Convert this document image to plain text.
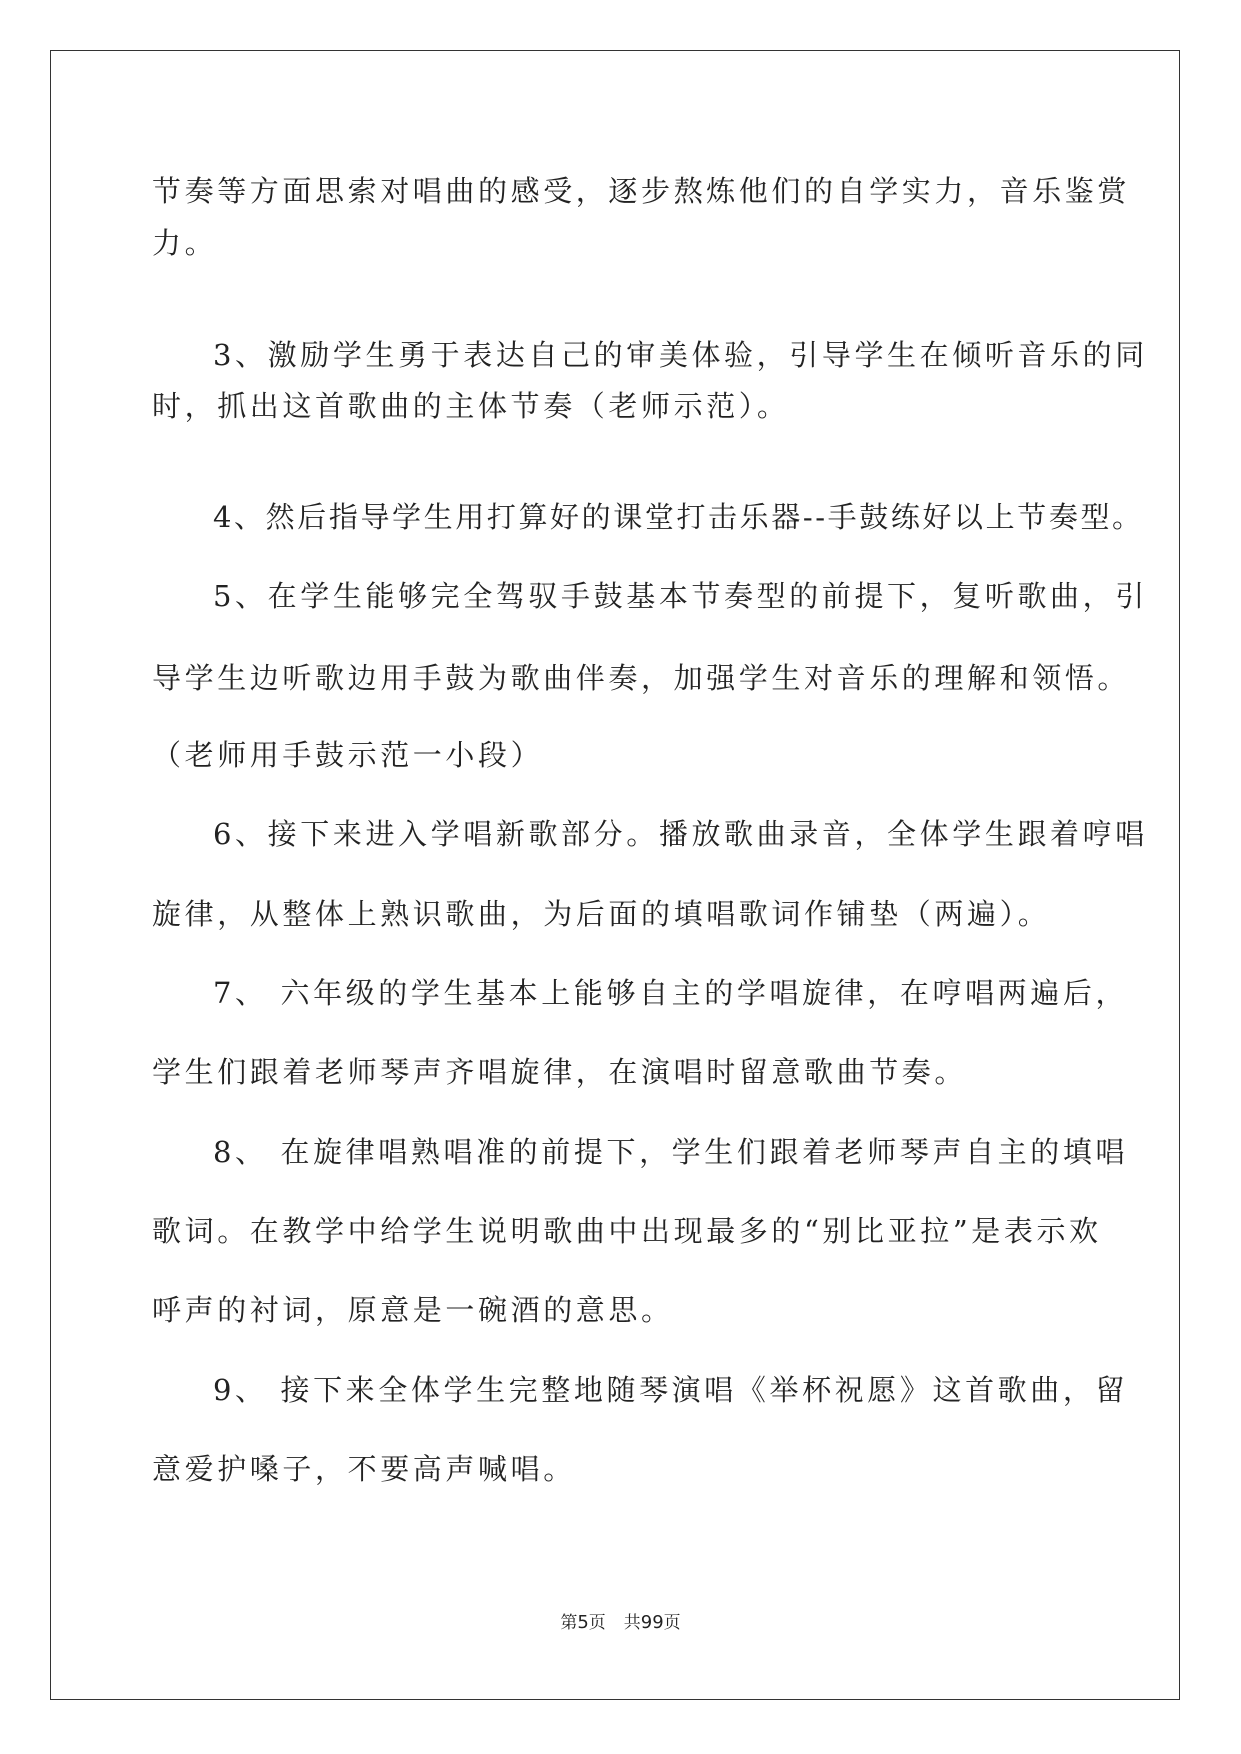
节奏等方面思索对唱曲的感受，逐步熬炼他们的自学实力，音乐鉴赏
力。
3、激励学生勇于表达自己的审美体验，引导学生在倾听音乐的同
时，抓出这首歌曲的主体节奏（老师示范）。
4、然后指导学生用打算好的课堂打击乐器--手鼓练好以上节奏型。
5、在学生能够完全驾驭手鼓基本节奏型的前提下，复听歌曲，引
导学生边听歌边用手鼓为歌曲伴奏，加强学生对音乐的理解和领悟。
（老师用手鼓示范一小段）
6、接下来进入学唱新歌部分。播放歌曲录音，全体学生跟着哼唱
旋律，从整体上熟识歌曲，为后面的填唱歌词作铺垫（两遍）。
7、 六年级的学生基本上能够自主的学唱旋律，在哼唱两遍后，
学生们跟着老师琴声齐唱旋律，在演唱时留意歌曲节奏。
8、 在旋律唱熟唱准的前提下，学生们跟着老师琴声自主的填唱
歌词。在教学中给学生说明歌曲中出现最多的“别比亚拉”是表示欢
呼声的衬词，原意是一碗酒的意思。
9、 接下来全体学生完整地随琴演唱《举杯祝愿》这首歌曲，留
意爱护嗓子，不要高声喊唱。
第5页 共99页
